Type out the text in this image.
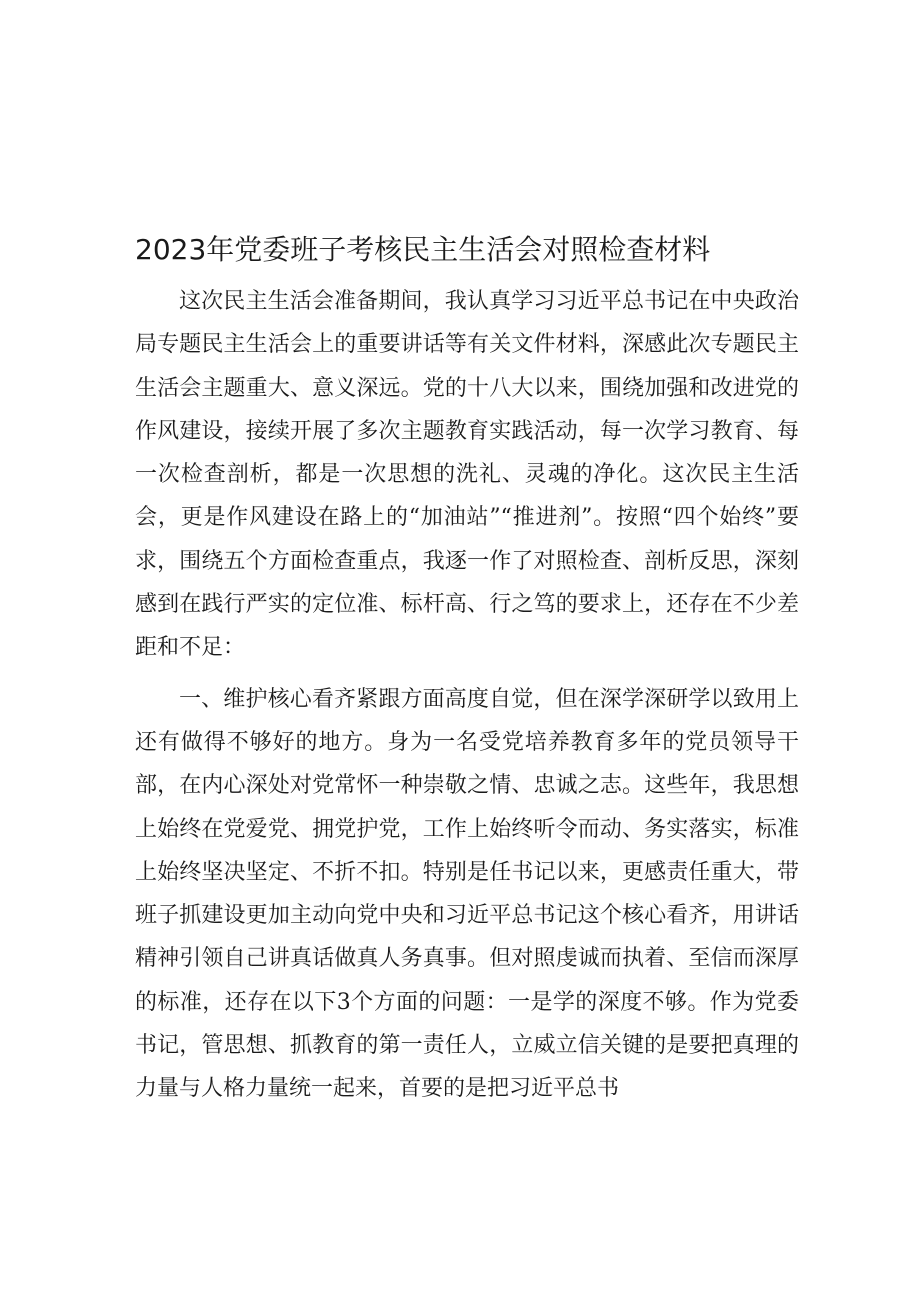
2023年党委班子考核民主生活会对照检查材料

这次民主生活会准备期间，我认真学习习近平总书记在中央政治局专题民主生活会上的重要讲话等有关文件材料，深感此次专题民主生活会主题重大、意义深远。党的十八大以来，围绕加强和改进党的作风建设，接续开展了多次主题教育实践活动，每一次学习教育、每一次检查剖析，都是一次思想的洗礼、灵魂的净化。这次民主生活会，更是作风建设在路上的“加油站”“推进剂”。按照“四个始终”要求，围绕五个方面检查重点，我逐一作了对照检查、剖析反思，深刻感到在践行严实的定位准、标杆高、行之笃的要求上，还存在不少差距和不足：

一、维护核心看齐紧跟方面高度自觉，但在深学深研学以致用上还有做得不够好的地方。身为一名受党培养教育多年的党员领导干部，在内心深处对党常怀一种崇敬之情、忠诚之志。这些年，我思想上始终在党爱党、拥党护党，工作上始终听令而动、务实落实，标准上始终坚决坚定、不折不扣。特别是任书记以来，更感责任重大，带班子抓建设更加主动向党中央和习近平总书记这个核心看齐，用讲话精神引领自己讲真话做真人务真事。但对照虔诚而执着、至信而深厚的标准，还存在以下3个方面的问题：一是学的深度不够。作为党委书记，管思想、抓教育的第一责任人，立威立信关键的是要把真理的力量与人格力量统一起来，首要的是把习近平总书
